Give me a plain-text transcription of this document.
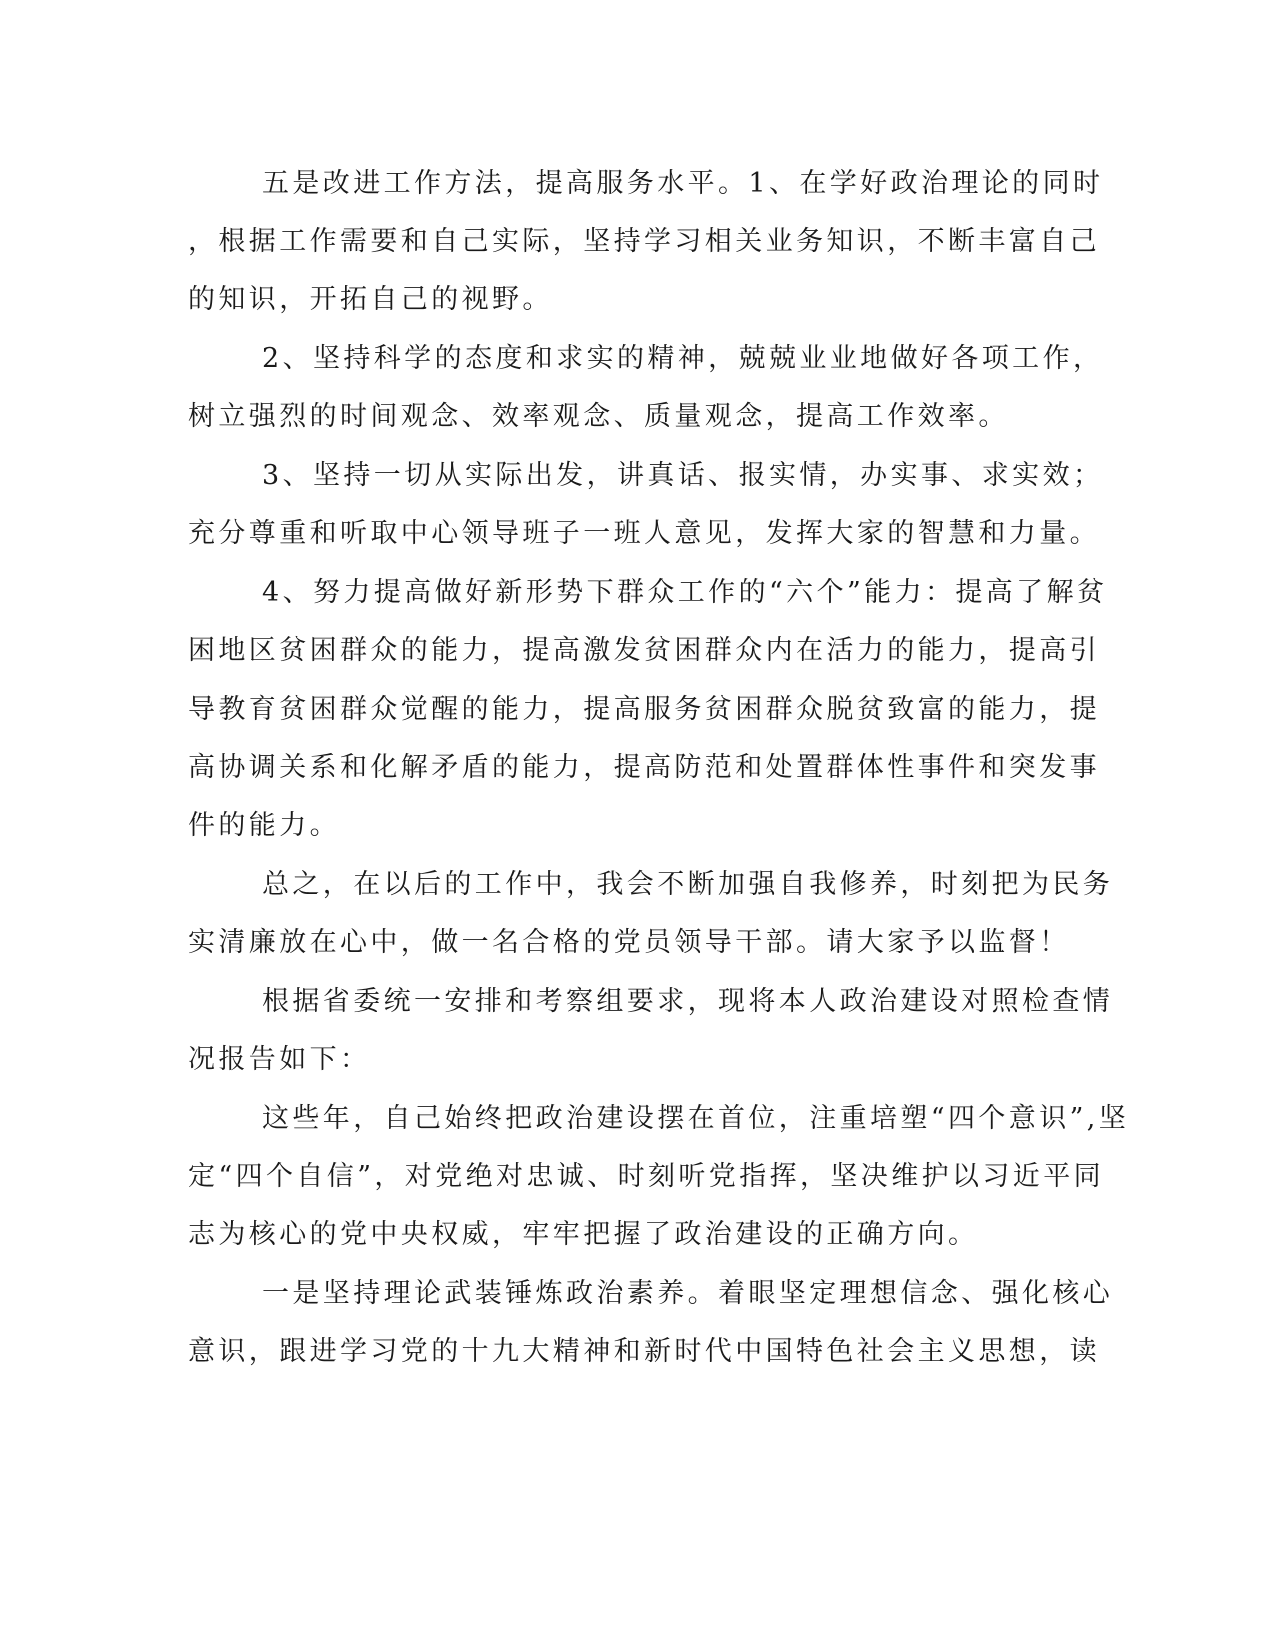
五是改进工作方法，提高服务水平。1、在学好政治理论的同时
，根据工作需要和自己实际，坚持学习相关业务知识，不断丰富自己
的知识，开拓自己的视野。
2、坚持科学的态度和求实的精神，兢兢业业地做好各项工作，
树立强烈的时间观念、效率观念、质量观念，提高工作效率。
3、坚持一切从实际出发，讲真话、报实情，办实事、求实效；
充分尊重和听取中心领导班子一班人意见，发挥大家的智慧和力量。
4、努力提高做好新形势下群众工作的“六个”能力：提高了解贫
困地区贫困群众的能力，提高激发贫困群众内在活力的能力，提高引
导教育贫困群众觉醒的能力，提高服务贫困群众脱贫致富的能力，提
高协调关系和化解矛盾的能力，提高防范和处置群体性事件和突发事
件的能力。
总之，在以后的工作中，我会不断加强自我修养，时刻把为民务
实清廉放在心中，做一名合格的党员领导干部。请大家予以监督！
根据省委统一安排和考察组要求，现将本人政治建设对照检查情
况报告如下：
这些年，自己始终把政治建设摆在首位，注重培塑“四个意识”,坚
定“四个自信”，对党绝对忠诚、时刻听党指挥，坚决维护以习近平同
志为核心的党中央权威，牢牢把握了政治建设的正确方向。
一是坚持理论武装锤炼政治素养。着眼坚定理想信念、强化核心
意识，跟进学习党的十九大精神和新时代中国特色社会主义思想，读
